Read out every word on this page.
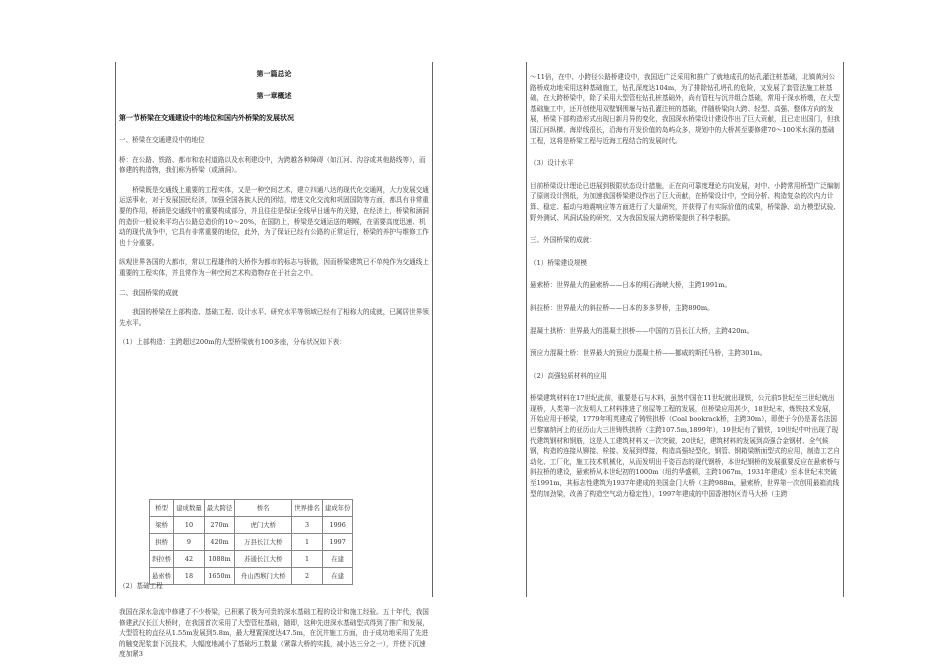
第一篇总论

第一章概述

第一节桥梁在交通建设中的地位和国内外桥梁的发展状况

一、桥梁在交通建设中的地位

桥：在公路、铁路、都市和农村道路以及水利建设中，为跨越各种障碍（如江河、沟谷或其他路线等），而修建的构造物，我们称为桥梁（或涵洞）。

桥梁既是交通线上重要的工程实体，又是一种空间艺术，建立四通八达的现代化交通网，大力发展交通运送事业，对于发展国民经济，加强全国各族人民的团结，增进文化交流和巩固国防等方面，都具有非常重要的作用，桥涵是交通线中的重要构成部分，并且往往是保证全线早日通车的关键，在经济上，桥梁和涵洞的造价一般说来平均占公路总造价的10～20%，在国防上，桥梁是交通运送的咽喉，在需要高度迅速、机动的现代战争中，它具有非常重要的地位，此外，为了保证已经有公路的正常运行，桥梁的养护与维修工作也十分重要。

纵观世界各国的大都市，常以工程雄伟的大桥作为都市的标志与骄傲，因而桥梁建筑已不单纯作为交通线上重要的工程实体，并且常作为一种空间艺术构造物存在于社会之中。

二、我国桥梁的成就

我国的桥梁在上部构造、基础工程、设计水平、研究水平等领域已经有了相称大的成就，已属居世界领先水平。

（1）上部构造：主跨超过200m的大型桥梁就有100多座，分布状况如下表：

桥型	建成数量	最大跨径	桥名	世界排名	建成年份
梁桥	10	270m	虎门大桥	3	1996
拱桥	9	420m	万县长江大桥	1	1997
斜拉桥	42	1088m	苏通长江大桥	1	在建
悬索桥	18	1650m	舟山西堠门大桥	2	在建

（2）基础工程

我国在深水急流中修建了不少桥梁，已积累了极为可贵的深水基础工程的设计和施工经验。五十年代，我国修建武汉长江大桥时，在我国首次采用了大型管柱基础，随即，这种先进深水基础型式得到了推广和发展，大型管柱的直径从1.55m发展到5.8m，最大埋置深度达47.5m，在沉井施工方面，由于成功地采用了先进的触变泥浆套下沉技术，大幅度地减小了基础圬工数量（紧靠大桥的实践，减小达三分之一），并使下沉速度加紧3

～11倍，在中、小跨径公路桥建设中，我国近广泛采用和推广了就地成孔的钻孔灌注桩基础，北镇黄河公路桥成功地采用这种基础施工，钻孔深度达104m，为了排除钻孔坍孔的危险，又发展了套管法施工桩基础，在大跨桥梁中，除了采用大型管柱钻孔桩基础外，尚有管柱与沉井组合基础，常用于深水桥墩，在大型基础施工中，还开创使用双壁钢围堰与钻孔灌注桩的基础，伴随桥梁向大跨、轻型、高强、整体方向的发展，桥梁下部构造形式出现日新月异的变化，我国深水桥梁设计建设作出了巨大贡献，且已走出国门，但我国江河纵横、海岸线很长，沿海有开发价值的岛屿众多，规划中的大桥甚至要修建70～100米水深的基础工程，这将是桥梁工程与近海工程结合的发展时代。

（3）设计水平

目前桥梁设计理论已进展到极限状态设计措施，正在向可靠度理论方向发展，对中、小跨常用桥型广泛编制了原则设计图纸，为加速我国桥梁建设作出了巨大贡献，在桥梁设计中，空间分析、构造复杂的次内力计算、稳定、振动与地震响应等方面进行了大量研究，并获得了有实际价值的成果，桥梁静、动力模型试验、野外测试、风洞试验的研究，又为我国发展大跨桥梁提供了科学根据。

三、外国桥梁的成就：

（1）桥梁建设规模

悬索桥：世界最大的悬索桥——日本的明石海峡大桥，主跨1991m。

斜拉桥：世界最大的斜拉桥——日本的多多罗桥，主跨890m。

混凝土拱桥：世界最大的混凝土拱桥——中国的万县长江大桥，主跨420m。

预应力混凝土桥：世界最大的预应力混凝土桥——挪威的斯托马桥，主跨301m。

（2）高强轻质材料的应用

桥梁建筑材料在17世纪此前，重要是石与木料，虽然中国在11世纪就出现铁，公元前5世纪至三世纪就出现桥，人类第一次发明人工材料推进了房屋等工程的发展，但桥梁应用甚少，18世纪末，炼铁技术发展，开始应用于桥梁，1779年明英建成了铸铁拱桥（Coal bookrack桥，主跨30m），即使于今仍是著名法国巴黎塞纳河上的亚历山大三世铸铁拱桥（主跨107.5m,1899年），19世纪有了锻铁，19世纪中叶出现了现代建筑钢材和钢筋，这是人工建筑材料又一次突破，20世纪，建筑材料的发展到高强合金钢材、全气候钢，构造的连接从铆接、栓接、发展到焊接，构造高强轻型化，钢管、钢箱梁断面型式的应用，制造工艺自动化、工厂化，施工技术机械化，从而发明出千姿百态的现代钢桥，本世纪钢桥的发展重要反应在悬索桥与斜拉桥的建设，悬索桥从本世纪初的1000m（纽约华盛顿，主跨1067m，1931年建成）至本世纪末突破至1991m，其标志性建筑为1937年建成的美国金门大桥（主跨988m，悬索桥，世界第一次创用最箱流线型的加劲梁，改善了构造空气动力稳定性），1997年建成的中国香港特区青马大桥（主跨
